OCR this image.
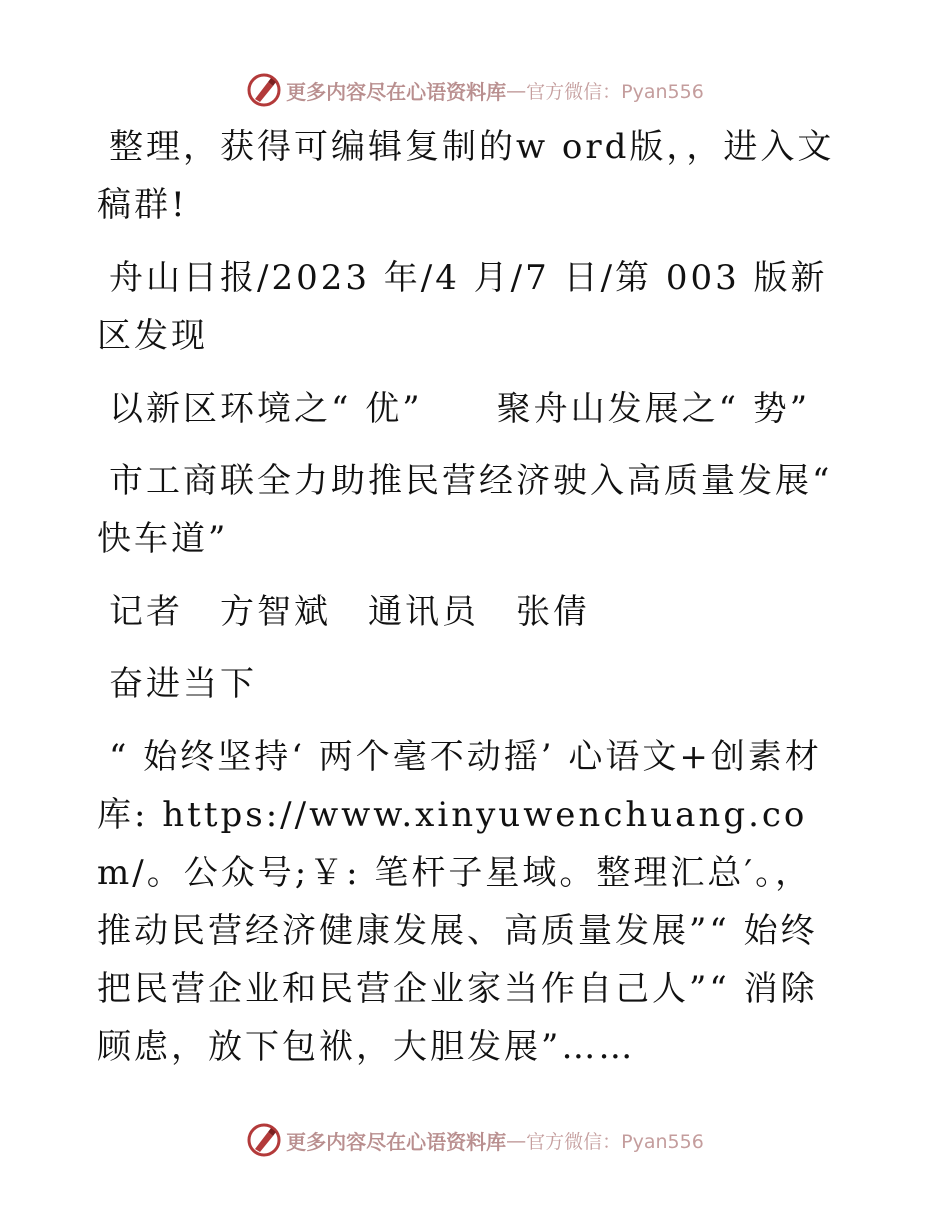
更多内容尽在心语资料库 — 官方微信：Pyan556

整理，获得可编辑复制的w ord版，，进入文稿群!

舟山日报/2023 年/4 月/7 日/第 003 版新区发现

以新区环境之“ 优”　　聚舟山发展之“ 势”

市工商联全力助推民营经济驶入高质量发展“ 快车道”

记者　方智斌　通讯员　张倩

奋进当下

“ 始终坚持‘ 两个毫不动摇’ 心语文+创素材库: https://www.xinyuwenchuang.com/。公众号;￥: 笔杆子星域。整理汇总′。，推动民营经济健康发展、高质量发展”“ 始终把民营企业和民营企业家当作自己人”“ 消除顾虑，放下包袱，大胆发展”……

更多内容尽在心语资料库 — 官方微信：Pyan556
